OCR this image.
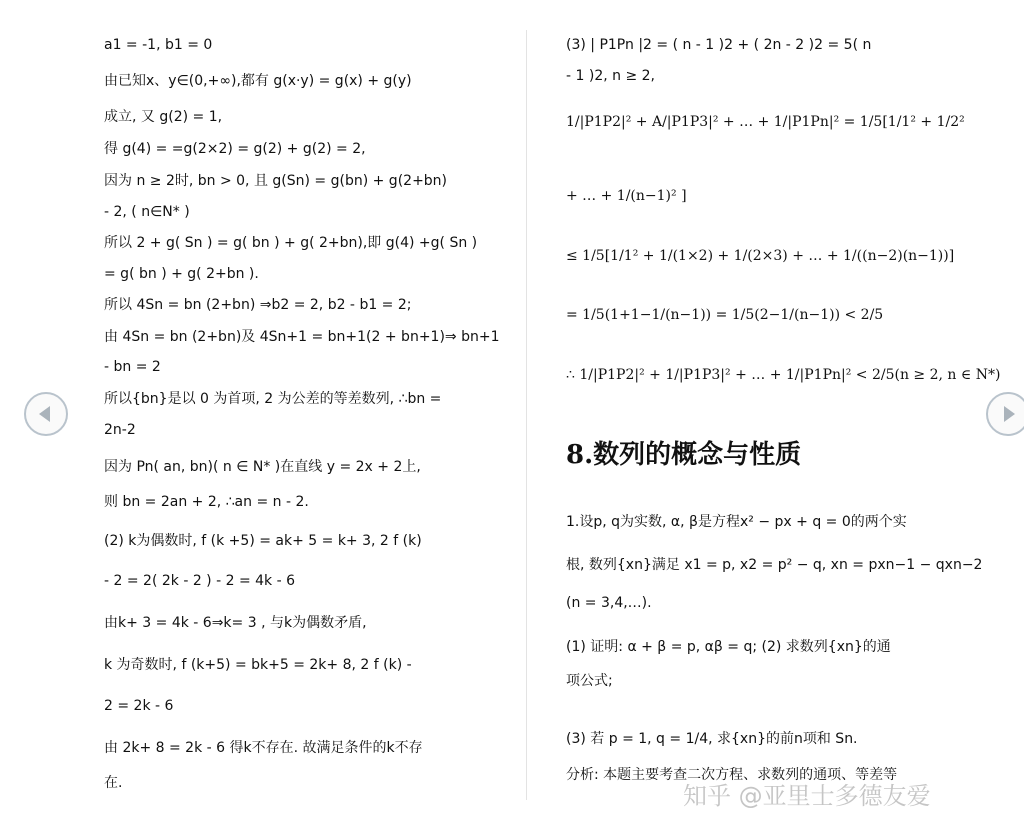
a1 = -1, b1 = 0
由已知x、y∈(0,+∞),都有 g(x·y) = g(x) + g(y)
成立, 又 g(2) = 1,
得 g(4) = =g(2×2) = g(2) + g(2) = 2,
因为 n ≥ 2时, bn > 0, 且 g(Sn) = g(bn) + g(2+bn)
- 2, ( n∈N* )
所以 2 + g( Sn ) = g( bn ) + g( 2+bn),即 g(4) +g( Sn )
= g( bn ) + g( 2+bn ).
所以 4Sn = bn (2+bn) ⇒b2 = 2, b2 - b1 = 2;
由 4Sn = bn (2+bn)及 4Sn+1 = bn+1(2 + bn+1)⇒ bn+1
- bn = 2
所以{bn}是以 0 为首项, 2 为公差的等差数列, ∴bn =
2n-2
因为 Pn( an, bn)( n ∈ N* )在直线 y = 2x + 2上,
则 bn = 2an + 2, ∴an = n - 2.
(2) k为偶数时, f (k +5) = ak+ 5 = k+ 3, 2 f (k)
- 2 = 2( 2k - 2 ) - 2 = 4k - 6
由k+ 3 = 4k - 6⇒k= 3 , 与k为偶数矛盾,
k 为奇数时, f (k+5) = bk+5 = 2k+ 8, 2 f (k) -
2 = 2k - 6
由 2k+ 8 = 2k - 6 得k不存在. 故满足条件的k不存
在.
(3) | P1Pn |2 = ( n - 1 )2 + ( 2n - 2 )2 = 5( n
- 1 )2, n ≥ 2,
1/|P1P2|² + A/|P1P3|² + … + 1/|P1Pn|² = 1/5[1/1² + 1/2²
+ … + 1/(n−1)² ]
≤ 1/5[1/1² + 1/(1×2) + 1/(2×3) + … + 1/((n−2)(n−1))]
= 1/5(1+1−1/(n−1)) = 1/5(2−1/(n−1)) < 2/5
∴ 1/|P1P2|² + 1/|P1P3|² + … + 1/|P1Pn|² < 2/5(n ≥ 2, n ∈ N*)
8.数列的概念与性质
1.设p, q为实数, α, β是方程x² − px + q = 0的两个实
根, 数列{xn}满足 x1 = p, x2 = p² − q, xn = pxn−1 − qxn−2
(n = 3,4,…).
(1) 证明: α + β = p, αβ = q; (2) 求数列{xn}的通
项公式;
(3) 若 p = 1, q = 1/4, 求{xn}的前n项和 Sn.
分析: 本题主要考查二次方程、求数列的通项、等差等
知乎 @亚里士多德友爱
